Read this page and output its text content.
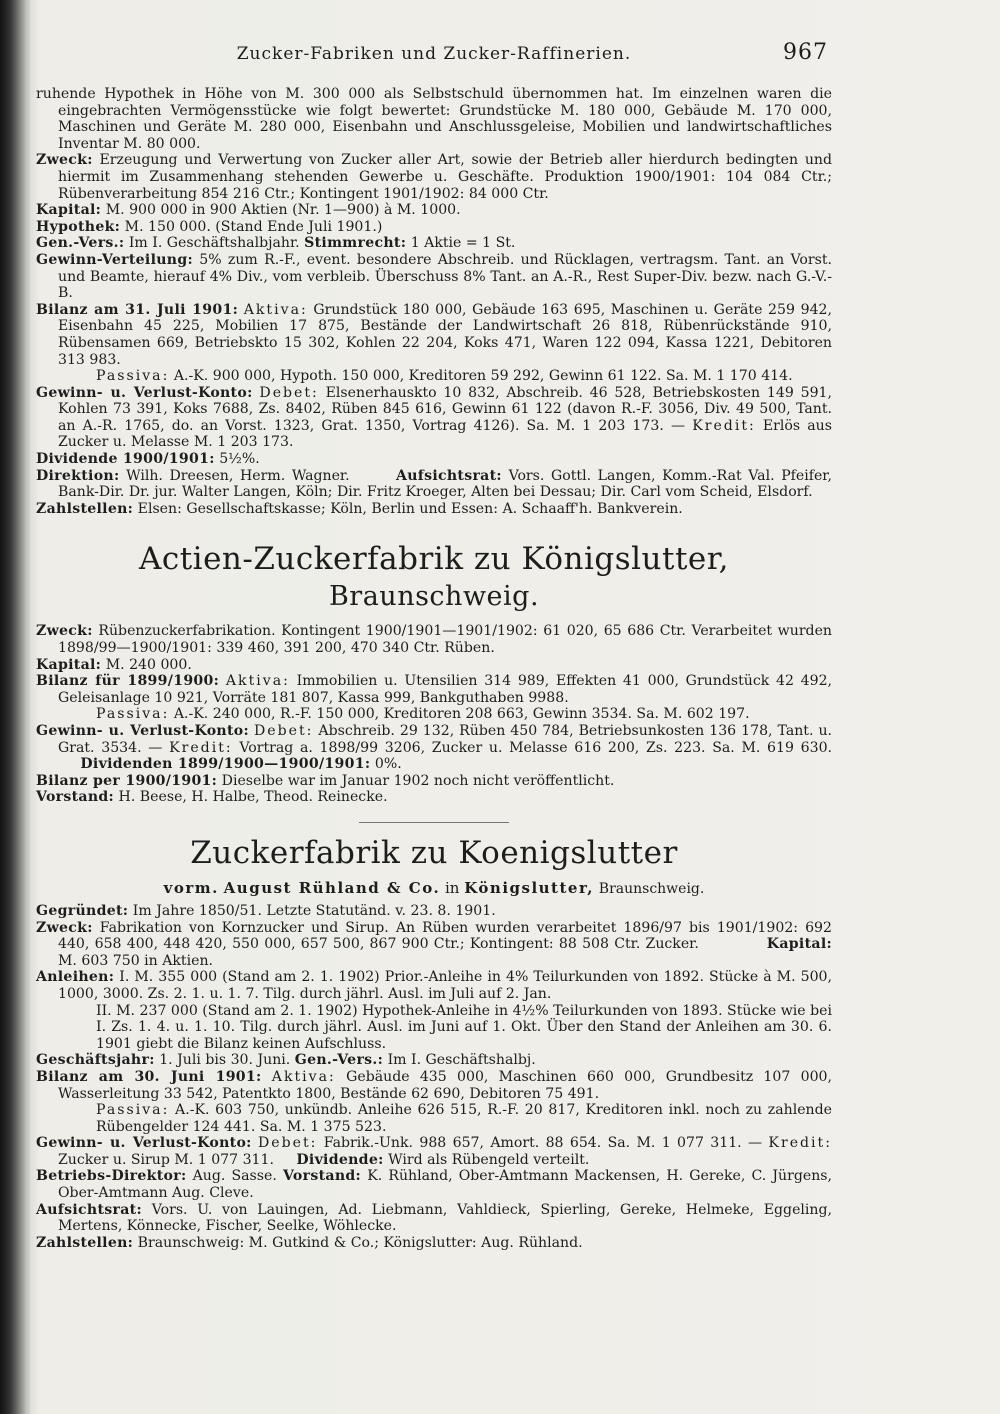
Zucker-Fabriken und Zucker-Raffinerien.	967

ruhende Hypothek in Höhe von M. 300 000 als Selbstschuld übernommen hat. Im einzelnen waren die eingebrachten Vermögensstücke wie folgt bewertet: Grundstücke M. 180 000, Gebäude M. 170 000, Maschinen und Geräte M. 280 000, Eisenbahn und Anschlussgeleise, Mobilien und landwirtschaftliches Inventar M. 80 000.

Zweck: Erzeugung und Verwertung von Zucker aller Art, sowie der Betrieb aller hierdurch bedingten und hiermit im Zusammenhang stehenden Gewerbe u. Geschäfte. Produktion 1900/1901: 104 084 Ctr.; Rübenverarbeitung 854 216 Ctr.; Kontingent 1901/1902: 84 000 Ctr.

Kapital: M. 900 000 in 900 Aktien (Nr. 1—900) à M. 1000.

Hypothek: M. 150 000. (Stand Ende Juli 1901.)

Gen.-Vers.: Im I. Geschäftshalbjahr. Stimmrecht: 1 Aktie = 1 St.

Gewinn-Verteilung: 5% zum R.-F., event. besondere Abschreib. und Rücklagen, vertragsm. Tant. an Vorst. und Beamte, hierauf 4% Div., vom verbleib. Überschuss 8% Tant. an A.-R., Rest Super-Div. bezw. nach G.-V.-B.

Bilanz am 31. Juli 1901: Aktiva: Grundstück 180 000, Gebäude 163 695, Maschinen u. Geräte 259 942, Eisenbahn 45 225, Mobilien 17 875, Bestände der Landwirtschaft 26 818, Rübenrückstände 910, Rübensamen 669, Betriebskto 15 302, Kohlen 22 204, Koks 471, Waren 122 094, Kassa 1221, Debitoren 313 983.

Passiva: A.-K. 900 000, Hypoth. 150 000, Kreditoren 59 292, Gewinn 61 122. Sa. M. 1 170 414.

Gewinn- u. Verlust-Konto: Debet: Elsenerhauskto 10 832, Abschreib. 46 528, Betriebskosten 149 591, Kohlen 73 391, Koks 7688, Zs. 8402, Rüben 845 616, Gewinn 61 122 (davon R.-F. 3056, Div. 49 500, Tant. an A.-R. 1765, do. an Vorst. 1323, Grat. 1350, Vortrag 4126). Sa. M. 1 203 173. — Kredit: Erlös aus Zucker u. Melasse M. 1 203 173.

Dividende 1900/1901: 5½%.

Direktion: Wilh. Dreesen, Herm. Wagner.	Aufsichtsrat: Vors. Gottl. Langen, Komm.-Rat Val. Pfeifer, Bank-Dir. Dr. jur. Walter Langen, Köln; Dir. Fritz Kroeger, Alten bei Dessau; Dir. Carl vom Scheid, Elsdorf.

Zahlstellen: Elsen: Gesellschaftskasse; Köln, Berlin und Essen: A. Schaaff'h. Bankverein.

Actien-Zuckerfabrik zu Königslutter, Braunschweig.

Zweck: Rübenzuckerfabrikation. Kontingent 1900/1901—1901/1902: 61 020, 65 686 Ctr. Verarbeitet wurden 1898/99—1900/1901: 339 460, 391 200, 470 340 Ctr. Rüben.

Kapital: M. 240 000.

Bilanz für 1899/1900: Aktiva: Immobilien u. Utensilien 314 989, Effekten 41 000, Grundstück 42 492, Geleisanlage 10 921, Vorräte 181 807, Kassa 999, Bankguthaben 9988.

Passiva: A.-K. 240 000, R.-F. 150 000, Kreditoren 208 663, Gewinn 3534. Sa. M. 602 197.

Gewinn- u. Verlust-Konto: Debet: Abschreib. 29 132, Rüben 450 784, Betriebsunkosten 136 178, Tant. u. Grat. 3534. — Kredit: Vortrag a. 1898/99 3206, Zucker u. Melasse 616 200, Zs. 223. Sa. M. 619 630.      Dividenden 1899/1900—1900/1901: 0%.

Bilanz per 1900/1901: Dieselbe war im Januar 1902 noch nicht veröffentlicht.

Vorstand: H. Beese, H. Halbe, Theod. Reinecke.

Zuckerfabrik zu Koenigslutter
vorm. August Rühland & Co. in Königslutter, Braunschweig.

Gegründet: Im Jahre 1850/51. Letzte Statutänd. v. 23. 8. 1901.

Zweck: Fabrikation von Kornzucker und Sirup. An Rüben wurden verarbeitet 1896/97 bis 1901/1902: 692 440, 658 400, 448 420, 550 000, 657 500, 867 900 Ctr.; Kontingent: 88 508 Ctr. Zucker.	Kapital: M. 603 750 in Aktien.

Anleihen: I. M. 355 000 (Stand am 2. 1. 1902) Prior.-Anleihe in 4% Teilurkunden von 1892. Stücke à M. 500, 1000, 3000. Zs. 2. 1. u. 1. 7. Tilg. durch jährl. Ausl. im Juli auf 2. Jan.

II. M. 237 000 (Stand am 2. 1. 1902) Hypothek-Anleihe in 4½% Teilurkunden von 1893. Stücke wie bei I. Zs. 1. 4. u. 1. 10. Tilg. durch jährl. Ausl. im Juni auf 1. Okt. Über den Stand der Anleihen am 30. 6. 1901 giebt die Bilanz keinen Aufschluss.

Geschäftsjahr: 1. Juli bis 30. Juni. Gen.-Vers.: Im I. Geschäftshalbj.

Bilanz am 30. Juni 1901: Aktiva: Gebäude 435 000, Maschinen 660 000, Grundbesitz 107 000, Wasserleitung 33 542, Patentkto 1800, Bestände 62 690, Debitoren 75 491.

Passiva: A.-K. 603 750, unkündb. Anleihe 626 515, R.-F. 20 817, Kreditoren inkl. noch zu zahlende Rübengelder 124 441. Sa. M. 1 375 523.

Gewinn- u. Verlust-Konto: Debet: Fabrik.-Unk. 988 657, Amort. 88 654. Sa. M. 1 077 311. — Kredit: Zucker u. Sirup M. 1 077 311. Dividende: Wird als Rübengeld verteilt.

Betriebs-Direktor: Aug. Sasse. Vorstand: K. Rühland, Ober-Amtmann Mackensen, H. Gereke, C. Jürgens, Ober-Amtmann Aug. Cleve.

Aufsichtsrat: Vors. U. von Lauingen, Ad. Liebmann, Vahldieck, Spierling, Gereke, Helmeke, Eggeling, Mertens, Könnecke, Fischer, Seelke, Wöhlecke.

Zahlstellen: Braunschweig: M. Gutkind & Co.; Königslutter: Aug. Rühland.
